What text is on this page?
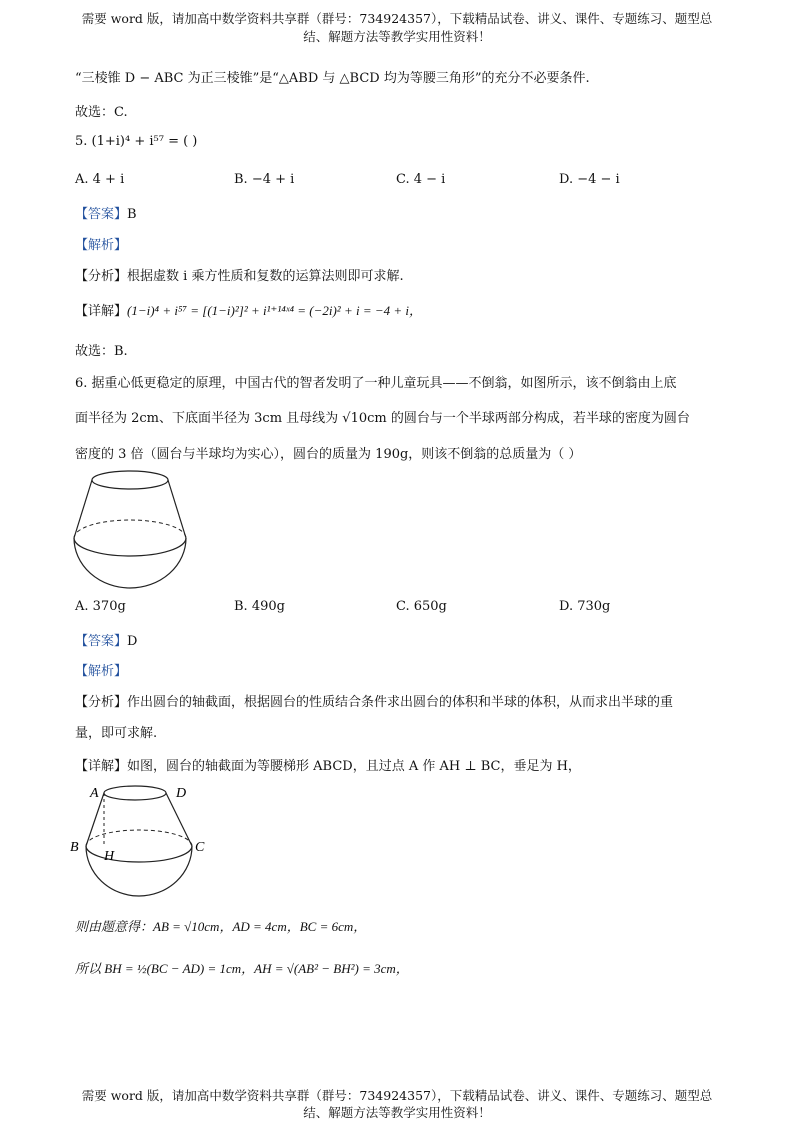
需要 word 版，请加高中数学资料共享群（群号：734924357），下载精品试卷、讲义、课件、专题练习、题型总
结、解题方法等教学实用性资料！
“三棱锥 D − ABC 为正三棱锥”是“△ABD 与 △BCD 均为等腰三角形”的充分不必要条件.
故选：C.
5. (1+i)⁴ + i⁵⁷ = ( )
A. 4 + i	B. −4 + i	C. 4 − i	D. −4 − i
【答案】B
【解析】
【分析】根据虚数 i 乘方性质和复数的运算法则即可求解.
【详解】(1−i)⁴ + i⁵⁷ = [(1−i)²]² + i¹⁺¹⁴ˣ⁴ = (−2i)² + i = −4 + i，
故选：B.
6. 据重心低更稳定的原理，中国古代的智者发明了一种儿童玩具——不倒翁，如图所示，该不倒翁由上底
面半径为 2cm、下底面半径为 3cm 且母线为 √10cm 的圆台与一个半球两部分构成，若半球的密度为圆台
密度的 3 倍（圆台与半球均为实心），圆台的质量为 190g，则该不倒翁的总质量为（ ）
A. 370g	B. 490g	C. 650g	D. 730g
【答案】D
【解析】
【分析】作出圆台的轴截面，根据圆台的性质结合条件求出圆台的体积和半球的体积，从而求出半球的重
量，即可求解.
【详解】如图，圆台的轴截面为等腰梯形 ABCD，且过点 A 作 AH ⊥ BC，垂足为 H，
A	D
B	C
H
则由题意得：AB = √10cm，AD = 4cm，BC = 6cm，
所以 BH = ½(BC − AD) = 1cm，AH = √(AB² − BH²) = 3cm，
需要 word 版，请加高中数学资料共享群（群号：734924357），下载精品试卷、讲义、课件、专题练习、题型总
结、解题方法等教学实用性资料！
